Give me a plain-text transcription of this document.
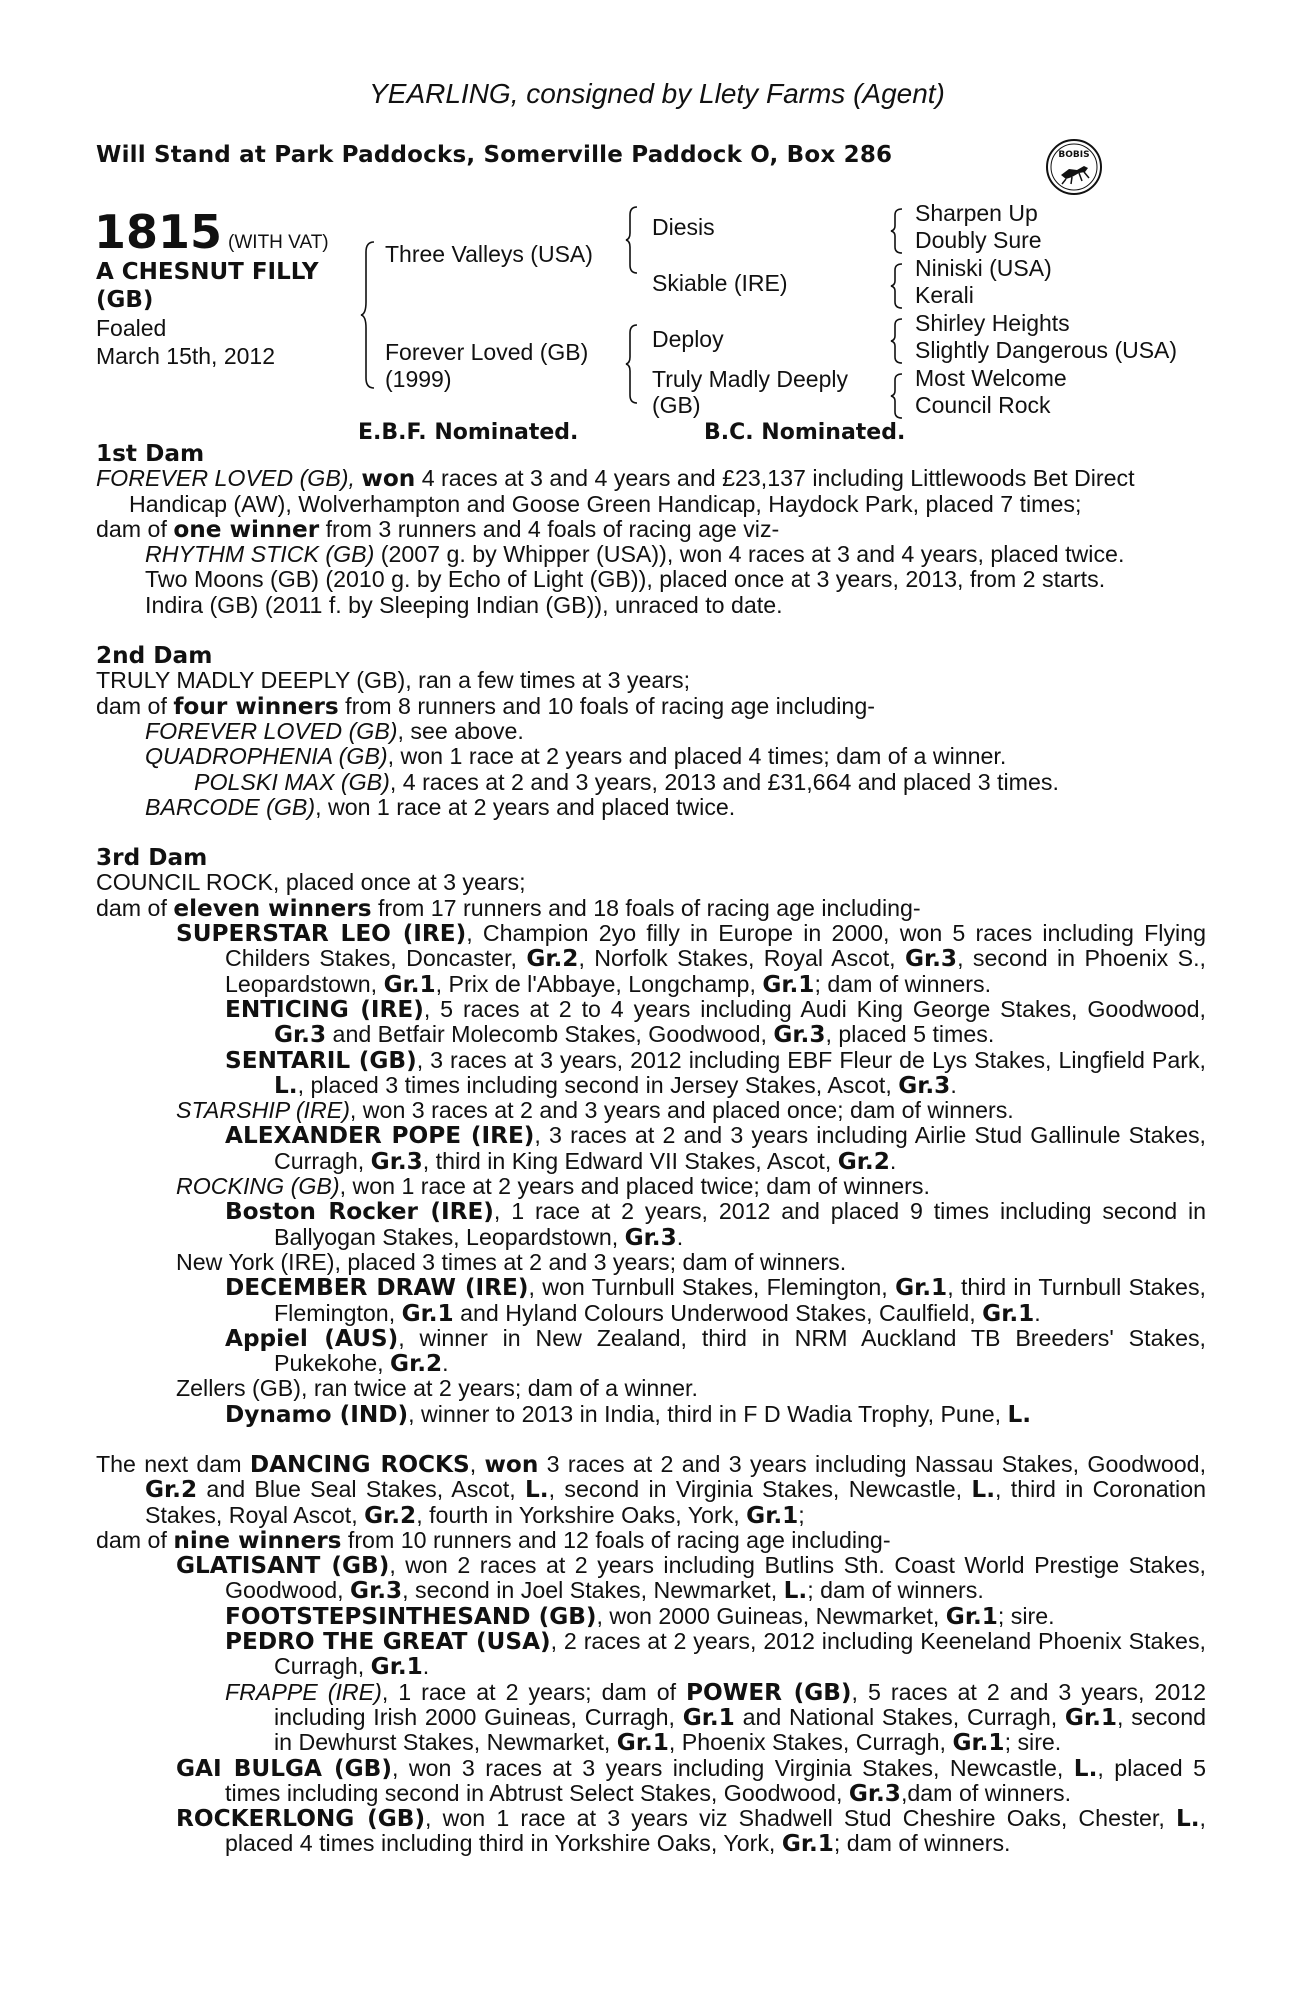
YEARLING, consigned by Llety Farms (Agent)
Will Stand at Park Paddocks, Somerville Paddock O, Box 286	BOBIS
1815 (WITH VAT)
A CHESNUT FILLY (GB)
Foaled
March 15th, 2012
Three Valleys (USA)
Forever Loved (GB)
(1999)
Diesis
Skiable (IRE)
Deploy
Truly Madly Deeply
(GB)
Sharpen Up
Doubly Sure
Niniski (USA)
Kerali
Shirley Heights
Slightly Dangerous (USA)
Most Welcome
Council Rock
E.B.F. Nominated.	B.C. Nominated.

1st Dam

FOREVER LOVED (GB), won 4 races at 3 and 4 years and £23,137 including Littlewoods Bet Direct Handicap (AW), Wolverhampton and Goose Green Handicap, Haydock Park, placed 7 times;

dam of one winner from 3 runners and 4 foals of racing age viz-

RHYTHM STICK (GB) (2007 g. by Whipper (USA)), won 4 races at 3 and 4 years, placed twice.

Two Moons (GB) (2010 g. by Echo of Light (GB)), placed once at 3 years, 2013, from 2 starts.

Indira (GB) (2011 f. by Sleeping Indian (GB)), unraced to date.

2nd Dam

TRULY MADLY DEEPLY (GB), ran a few times at 3 years;

dam of four winners from 8 runners and 10 foals of racing age including-

FOREVER LOVED (GB), see above.

QUADROPHENIA (GB), won 1 race at 2 years and placed 4 times; dam of a winner.

POLSKI MAX (GB), 4 races at 2 and 3 years, 2013 and £31,664 and placed 3 times.

BARCODE (GB), won 1 race at 2 years and placed twice.

3rd Dam

COUNCIL ROCK, placed once at 3 years;

dam of eleven winners from 17 runners and 18 foals of racing age including-

SUPERSTAR LEO (IRE), Champion 2yo filly in Europe in 2000, won 5 races including Flying Childers Stakes, Doncaster, Gr.2, Norfolk Stakes, Royal Ascot, Gr.3, second in Phoenix S., Leopardstown, Gr.1, Prix de l'Abbaye, Longchamp, Gr.1; dam of winners.

ENTICING (IRE), 5 races at 2 to 4 years including Audi King George Stakes, Goodwood, Gr.3 and Betfair Molecomb Stakes, Goodwood, Gr.3, placed 5 times.

SENTARIL (GB), 3 races at 3 years, 2012 including EBF Fleur de Lys Stakes, Lingfield Park, L., placed 3 times including second in Jersey Stakes, Ascot, Gr.3.

STARSHIP (IRE), won 3 races at 2 and 3 years and placed once; dam of winners.

ALEXANDER POPE (IRE), 3 races at 2 and 3 years including Airlie Stud Gallinule Stakes, Curragh, Gr.3, third in King Edward VII Stakes, Ascot, Gr.2.

ROCKING (GB), won 1 race at 2 years and placed twice; dam of winners.

Boston Rocker (IRE), 1 race at 2 years, 2012 and placed 9 times including second in Ballyogan Stakes, Leopardstown, Gr.3.

New York (IRE), placed 3 times at 2 and 3 years; dam of winners.

DECEMBER DRAW (IRE), won Turnbull Stakes, Flemington, Gr.1, third in Turnbull Stakes, Flemington, Gr.1 and Hyland Colours Underwood Stakes, Caulfield, Gr.1.

Appiel (AUS), winner in New Zealand, third in NRM Auckland TB Breeders' Stakes, Pukekohe, Gr.2.

Zellers (GB), ran twice at 2 years; dam of a winner.

Dynamo (IND), winner to 2013 in India, third in F D Wadia Trophy, Pune, L.

The next dam DANCING ROCKS, won 3 races at 2 and 3 years including Nassau Stakes, Goodwood, Gr.2 and Blue Seal Stakes, Ascot, L., second in Virginia Stakes, Newcastle, L., third in Coronation Stakes, Royal Ascot, Gr.2, fourth in Yorkshire Oaks, York, Gr.1;

dam of nine winners from 10 runners and 12 foals of racing age including-

GLATISANT (GB), won 2 races at 2 years including Butlins Sth. Coast World Prestige Stakes, Goodwood, Gr.3, second in Joel Stakes, Newmarket, L.; dam of winners.

FOOTSTEPSINTHESAND (GB), won 2000 Guineas, Newmarket, Gr.1; sire.

PEDRO THE GREAT (USA), 2 races at 2 years, 2012 including Keeneland Phoenix Stakes, Curragh, Gr.1.

FRAPPE (IRE), 1 race at 2 years; dam of POWER (GB), 5 races at 2 and 3 years, 2012 including Irish 2000 Guineas, Curragh, Gr.1 and National Stakes, Curragh, Gr.1, second in Dewhurst Stakes, Newmarket, Gr.1, Phoenix Stakes, Curragh, Gr.1; sire.

GAI BULGA (GB), won 3 races at 3 years including Virginia Stakes, Newcastle, L., placed 5 times including second in Abtrust Select Stakes, Goodwood, Gr.3,dam of winners.

ROCKERLONG (GB), won 1 race at 3 years viz Shadwell Stud Cheshire Oaks, Chester, L., placed 4 times including third in Yorkshire Oaks, York, Gr.1; dam of winners.
